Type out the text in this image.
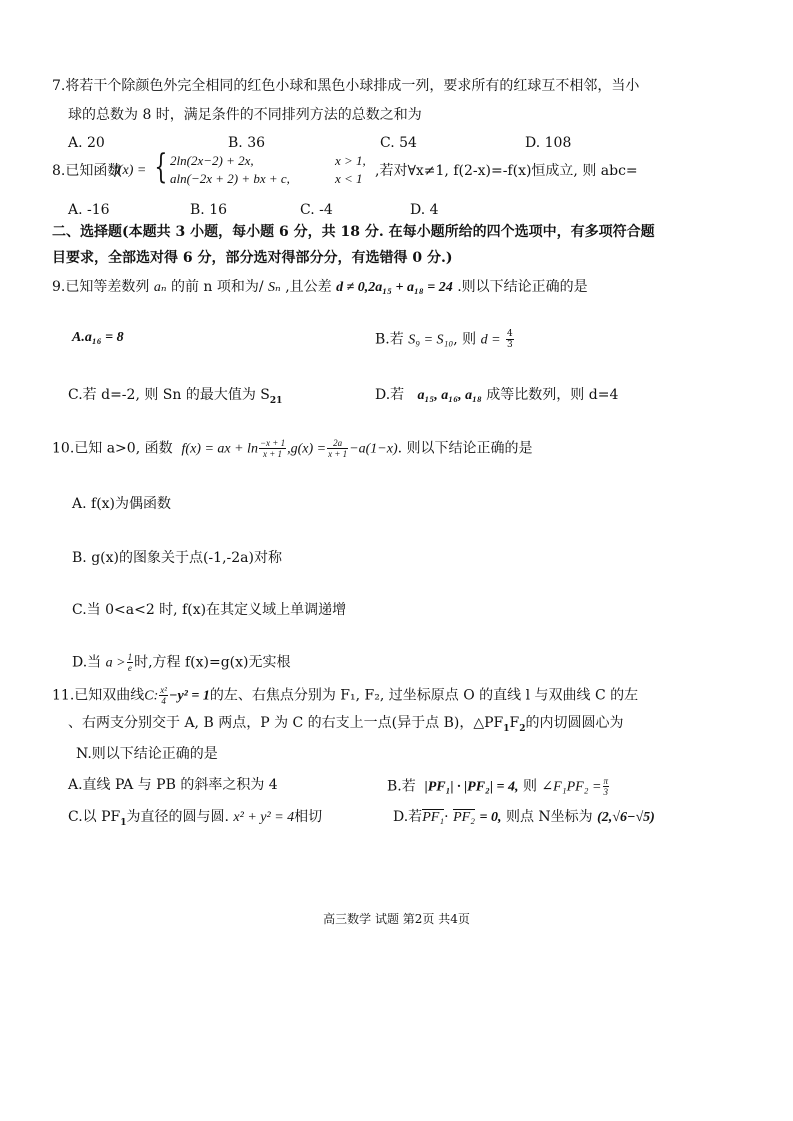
7.将若干个除颜色外完全相同的红色小球和黑色小球排成一列，要求所有的红球互不相邻，当小
球的总数为 8 时，满足条件的不同排列方法的总数之和为
A. 20	B. 36	C. 54	D. 108
8.已知函数
f(x) = { 2ln(2x−2) + 2x,	x > 1,
aln(−2x + 2) + bx + c,	x < 1 ,若对∀x≠1, f(2-x)=-f(x)恒成立, 则 abc=
A. -16	B. 16	C. -4	D. 4
二、选择题(本题共 3 小题，每小题 6 分，共 18 分. 在每小题所给的四个选项中，有多项符合题
目要求，全部选对得 6 分，部分选对得部分分，有选错得 0 分.)
9.已知等差数列 aₙ 的前 n 项和为/ Sₙ ,且公差 d ≠ 0,2a₁₅ + a₁₈ = 24 .则以下结论正确的是
A.a₁₆ = 8	B.若 S₉ = S₁₀, 则 $d = \frac{4}{3}$
C.若 d=-2, 则 Sn 的最大值为 $S_{21}$	D.若 a₁₅, a₁₆, a₁₈ 成等比数列，则 d=4
10.已知 a>0, 函数 f(x) = ax + $\ln \frac{-x + 1}{x + 1} ,g(x) = \frac{2a}{x + 1} -a(1-x)$. 则以下结论正确的是
A. f(x)为偶函数
B. g(x)的图象关于点(-1,-2a)对称
C.当 0<a<2 时, f(x)在其定义域上单调递增
D.当 $a > \frac{1}{e}$ 时,方程 f(x)=g(x)无实根
11.已知双曲线C: $\frac{\text{x²}}{4} -y^2 = 1$的左、右焦点分别为 F₁, F₂, 过坐标原点 O 的直线 l 与双曲线 C 的左
、右两支分别交于 A, B 两点，P 为 C 的右支上一点(异于点 B)，$\triangle PF_1F_2$的内切圆圆心为
N.则以下结论正确的是
A.直线 PA 与 PB 的斜率之积为 4	B.若 |PF₁| · |PF₂| = 4, 则 ∠F₁PF₂ = $\frac{\pi}{3}$
C.以 $PF_1$为直径的圆与圆. x² + y² = 4相切	D.若PF₁· PF₂ = 0, 则点 N坐标为 (2,√6−√5)
高三数学 试题 第2页 共4页
